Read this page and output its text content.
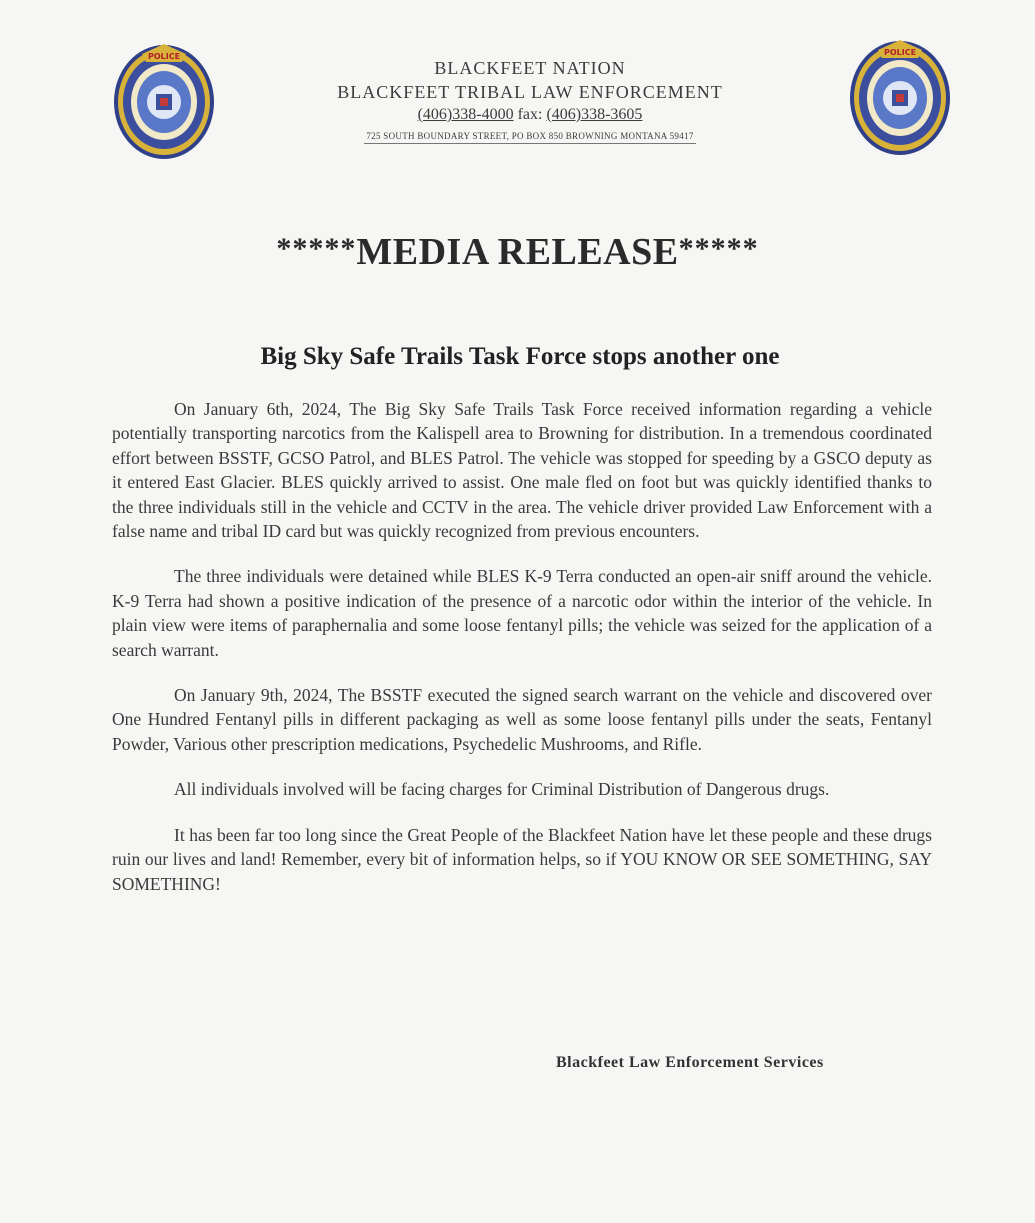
POLICE	POLICE
BLACKFEET NATION
BLACKFEET TRIBAL LAW ENFORCEMENT
(406)338-4000 fax: (406)338-3605
725 SOUTH BOUNDARY STREET, PO BOX 850 BROWNING MONTANA 59417
*****MEDIA RELEASE*****
Big Sky Safe Trails Task Force stops another one

On January 6th, 2024, The Big Sky Safe Trails Task Force received information regarding a vehicle potentially transporting narcotics from the Kalispell area to Browning for distribution. In a tremendous coordinated effort between BSSTF, GCSO Patrol, and BLES Patrol. The vehicle was stopped for speeding by a GSCO deputy as it entered East Glacier. BLES quickly arrived to assist. One male fled on foot but was quickly identified thanks to the three individuals still in the vehicle and CCTV in the area. The vehicle driver provided Law Enforcement with a false name and tribal ID card but was quickly recognized from previous encounters.

The three individuals were detained while BLES K-9 Terra conducted an open-air sniff around the vehicle. K-9 Terra had shown a positive indication of the presence of a narcotic odor within the interior of the vehicle. In plain view were items of paraphernalia and some loose fentanyl pills; the vehicle was seized for the application of a search warrant.

On January 9th, 2024, The BSSTF executed the signed search warrant on the vehicle and discovered over One Hundred Fentanyl pills in different packaging as well as some loose fentanyl pills under the seats, Fentanyl Powder, Various other prescription medications, Psychedelic Mushrooms, and Rifle.

All individuals involved will be facing charges for Criminal Distribution of Dangerous drugs.

It has been far too long since the Great People of the Blackfeet Nation have let these people and these drugs ruin our lives and land! Remember, every bit of information helps, so if YOU KNOW OR SEE SOMETHING, SAY SOMETHING!

Blackfeet Law Enforcement Services
